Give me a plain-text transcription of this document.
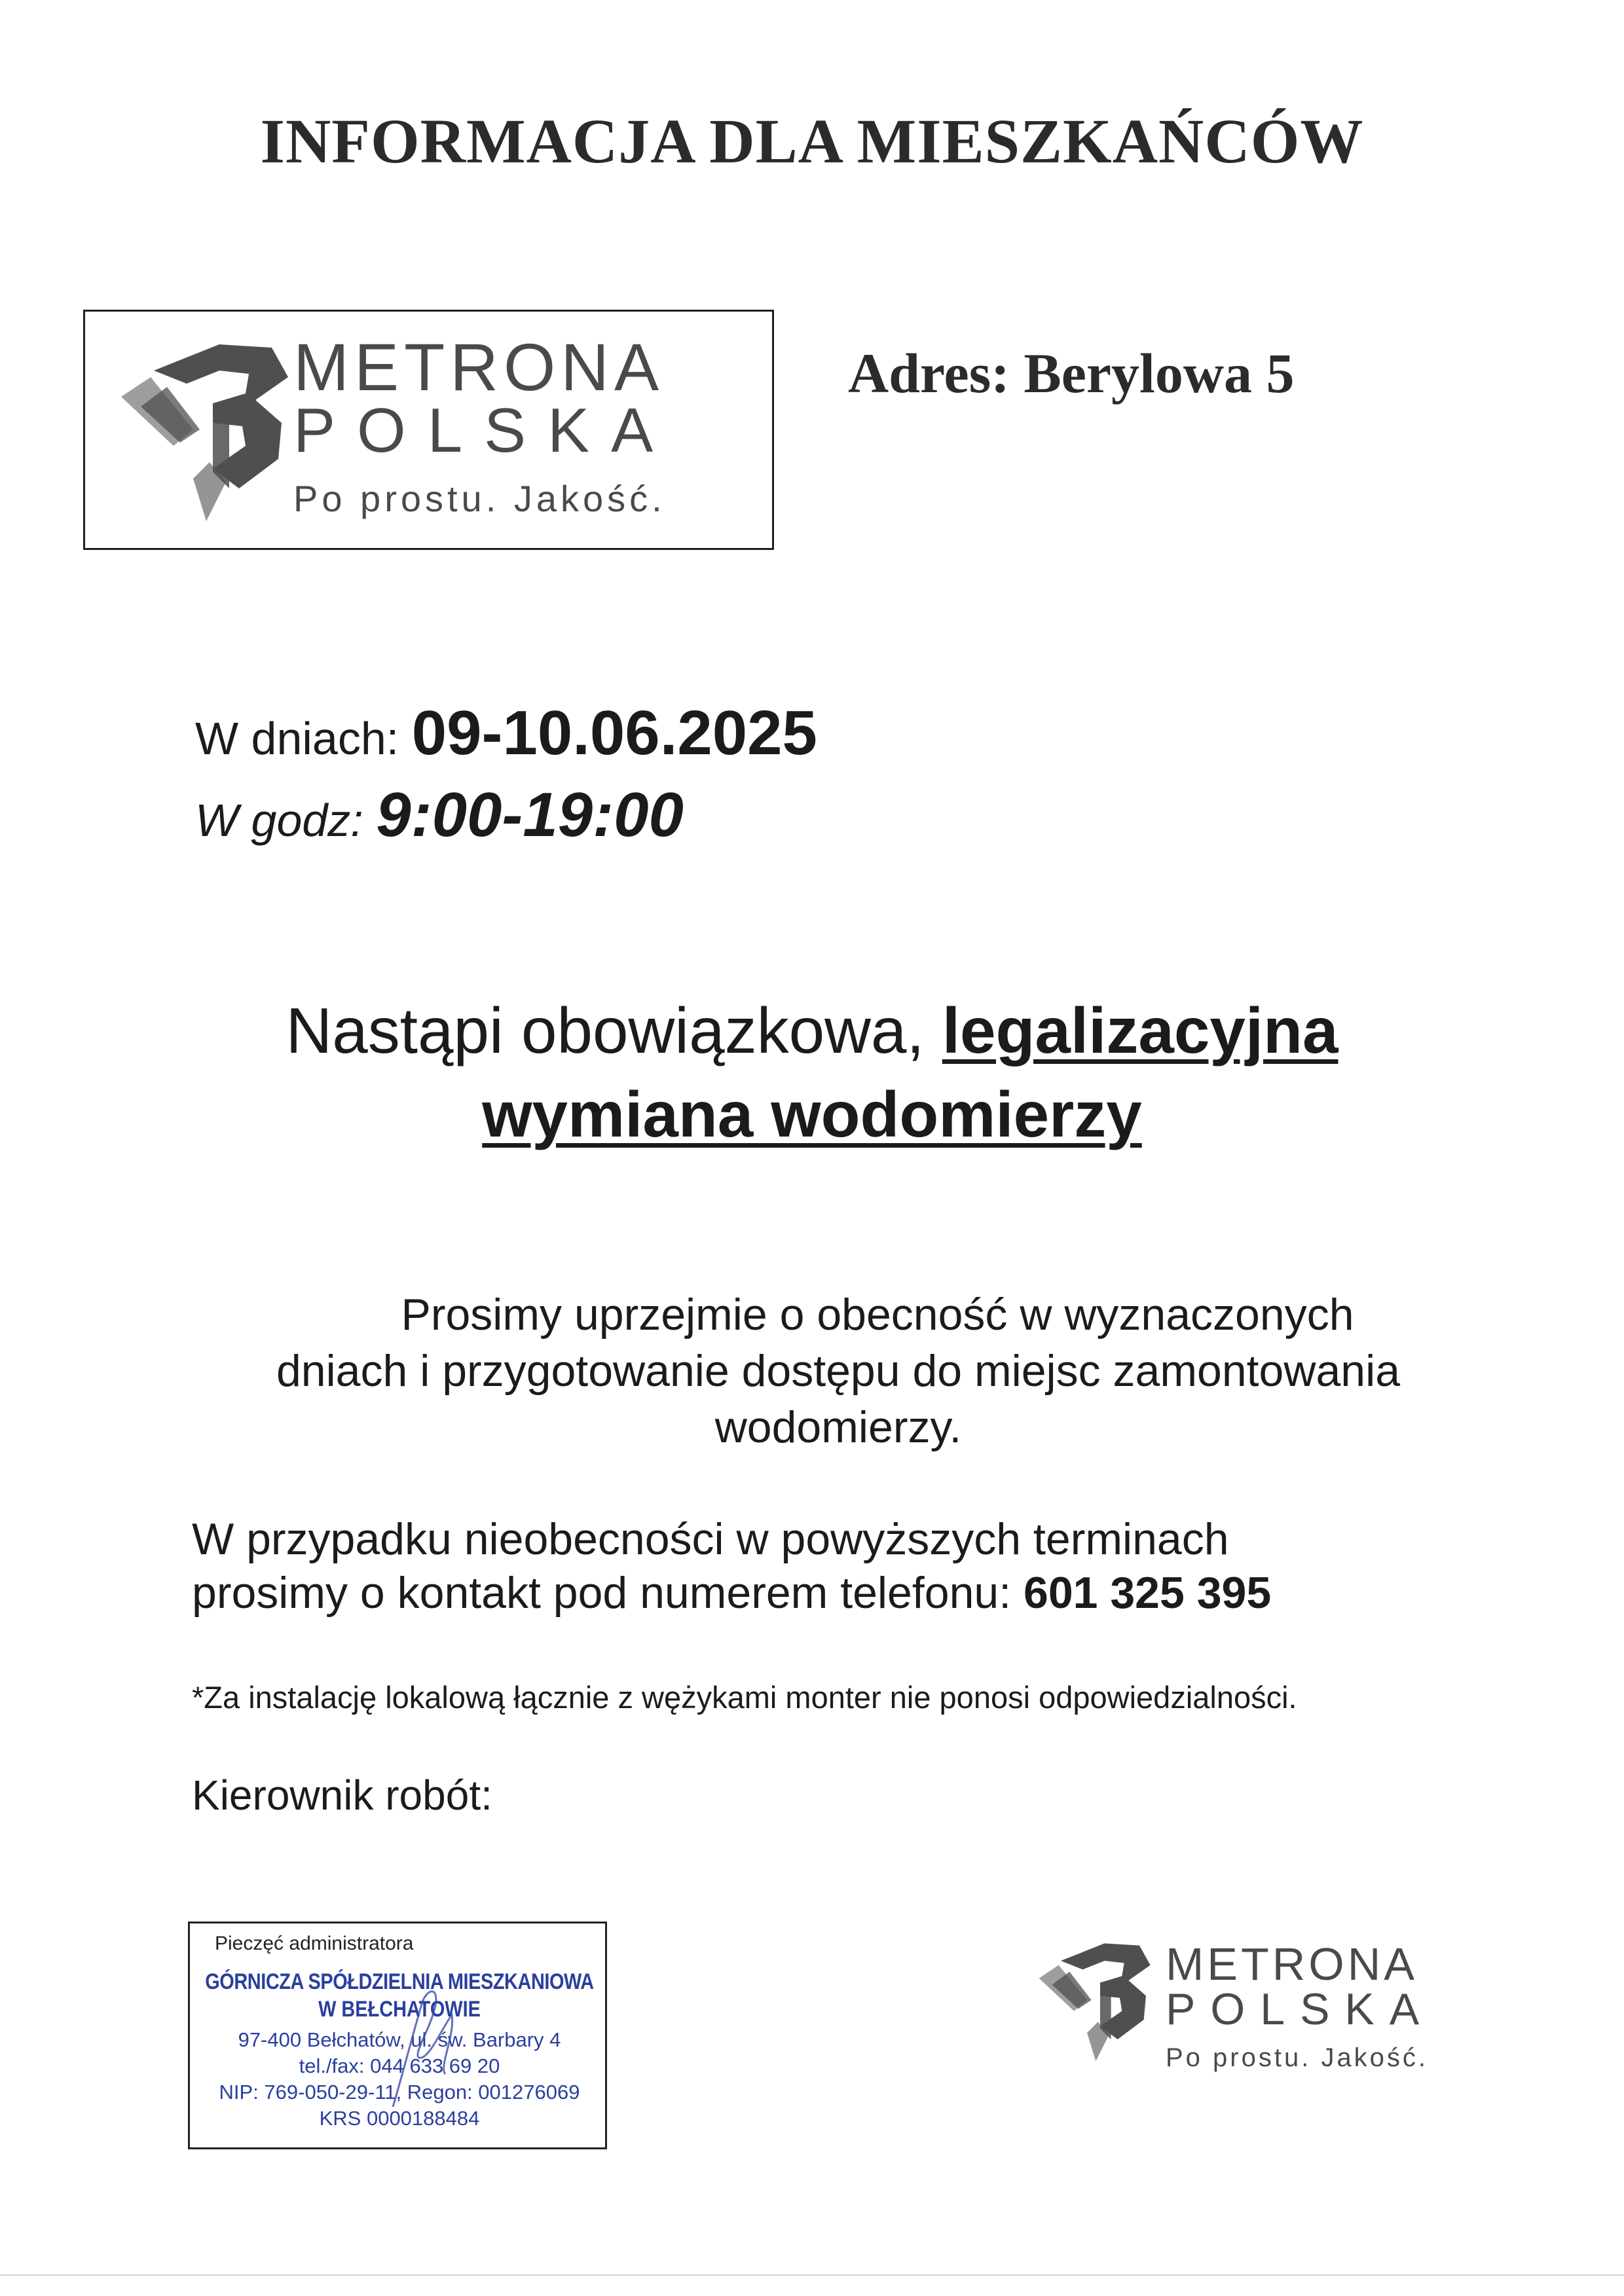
INFORMACJA DLA MIESZKAŃCÓW
METRONA
POLSKA
Po prostu. Jakość.
Adres: Berylowa 5
W dniach: 09-10.06.2025
W godz: 9:00-19:00
Nastąpi obowiązkowa, legalizacyjna
wymiana wodomierzy
Prosimy uprzejmie o obecność w wyznaczonych
dniach i przygotowanie dostępu do miejsc zamontowania
wodomierzy.
W przypadku nieobecności w powyższych terminach
prosimy o kontakt pod numerem telefonu: 601 325 395
*Za instalację lokalową łącznie z wężykami monter nie ponosi odpowiedzialności.
Kierownik robót:
Pieczęć administratora
GÓRNICZA SPÓŁDZIELNIA MIESZKANIOWA
W BEŁCHATOWIE
97-400 Bełchatów, ul. św. Barbary 4
tel./fax: 044 633 69 20
NIP: 769-050-29-11, Regon: 001276069
KRS 0000188484
METRONA
POLSKA
Po prostu. Jakość.
